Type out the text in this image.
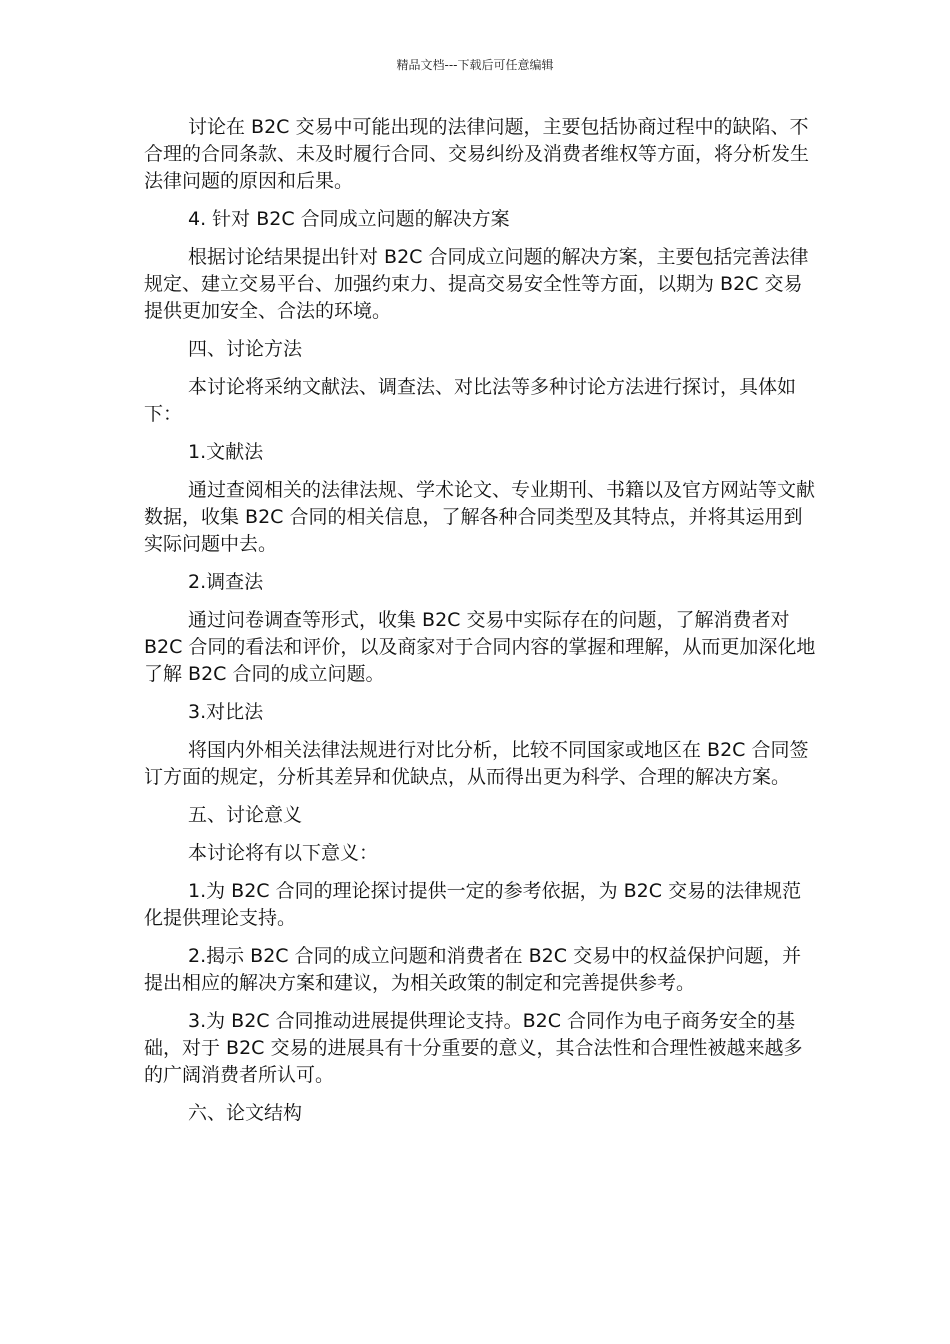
精品文档---下载后可任意编辑

讨论在 B2C 交易中可能出现的法律问题，主要包括协商过程中的缺陷、不合理的合同条款、未及时履行合同、交易纠纷及消费者维权等方面，将分析发生法律问题的原因和后果。

4. 针对 B2C 合同成立问题的解决方案

根据讨论结果提出针对 B2C 合同成立问题的解决方案，主要包括完善法律规定、建立交易平台、加强约束力、提高交易安全性等方面，以期为 B2C 交易提供更加安全、合法的环境。

四、讨论方法

本讨论将采纳文献法、调查法、对比法等多种讨论方法进行探讨，具体如下：

1.文献法

通过查阅相关的法律法规、学术论文、专业期刊、书籍以及官方网站等文献数据，收集 B2C 合同的相关信息，了解各种合同类型及其特点，并将其运用到实际问题中去。

2.调查法

通过问卷调查等形式，收集 B2C 交易中实际存在的问题，了解消费者对 B2C 合同的看法和评价，以及商家对于合同内容的掌握和理解，从而更加深化地了解 B2C 合同的成立问题。

3.对比法

将国内外相关法律法规进行对比分析，比较不同国家或地区在 B2C 合同签订方面的规定，分析其差异和优缺点，从而得出更为科学、合理的解决方案。

五、讨论意义

本讨论将有以下意义：

1.为 B2C 合同的理论探讨提供一定的参考依据，为 B2C 交易的法律规范化提供理论支持。

2.揭示 B2C 合同的成立问题和消费者在 B2C 交易中的权益保护问题，并提出相应的解决方案和建议，为相关政策的制定和完善提供参考。

3.为 B2C 合同推动进展提供理论支持。B2C 合同作为电子商务安全的基础，对于 B2C 交易的进展具有十分重要的意义，其合法性和合理性被越来越多的广阔消费者所认可。

六、论文结构
